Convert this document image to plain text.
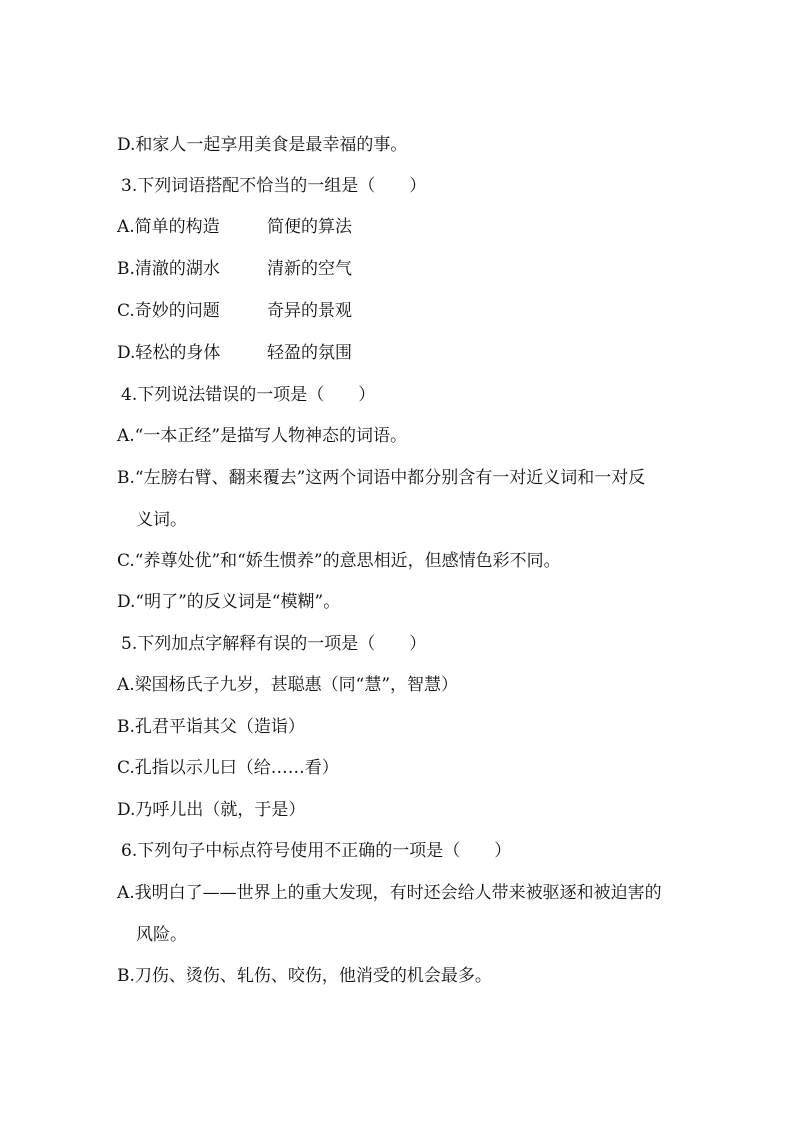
D.和家人一起享用美食是最幸福的事。
3.下列词语搭配不恰当的一组是（　　）
A.简单的构造	简便的算法
B.清澈的湖水	清新的空气
C.奇妙的问题	奇异的景观
D.轻松的身体	轻盈的氛围
4.下列说法错误的一项是（　　）
A.“一本正经”是描写人物神态的词语。
B.“左膀右臂、翻来覆去”这两个词语中都分别含有一对近义词和一对反
义词。
C.“养尊处优”和“娇生惯养”的意思相近，但感情色彩不同。
D.“明了”的反义词是“模糊”。
5.下列加点字解释有误的一项是（　　）
A.梁国杨氏子九岁，甚聪惠（同“慧”，智慧）
B.孔君平诣其父（造诣）
C.孔指以示儿曰（给……看）
D.乃呼儿出（就，于是）
6.下列句子中标点符号使用不正确的一项是（　　）
A.我明白了——世界上的重大发现，有时还会给人带来被驱逐和被迫害的
风险。
B.刀伤、烫伤、轧伤、咬伤，他消受的机会最多。
